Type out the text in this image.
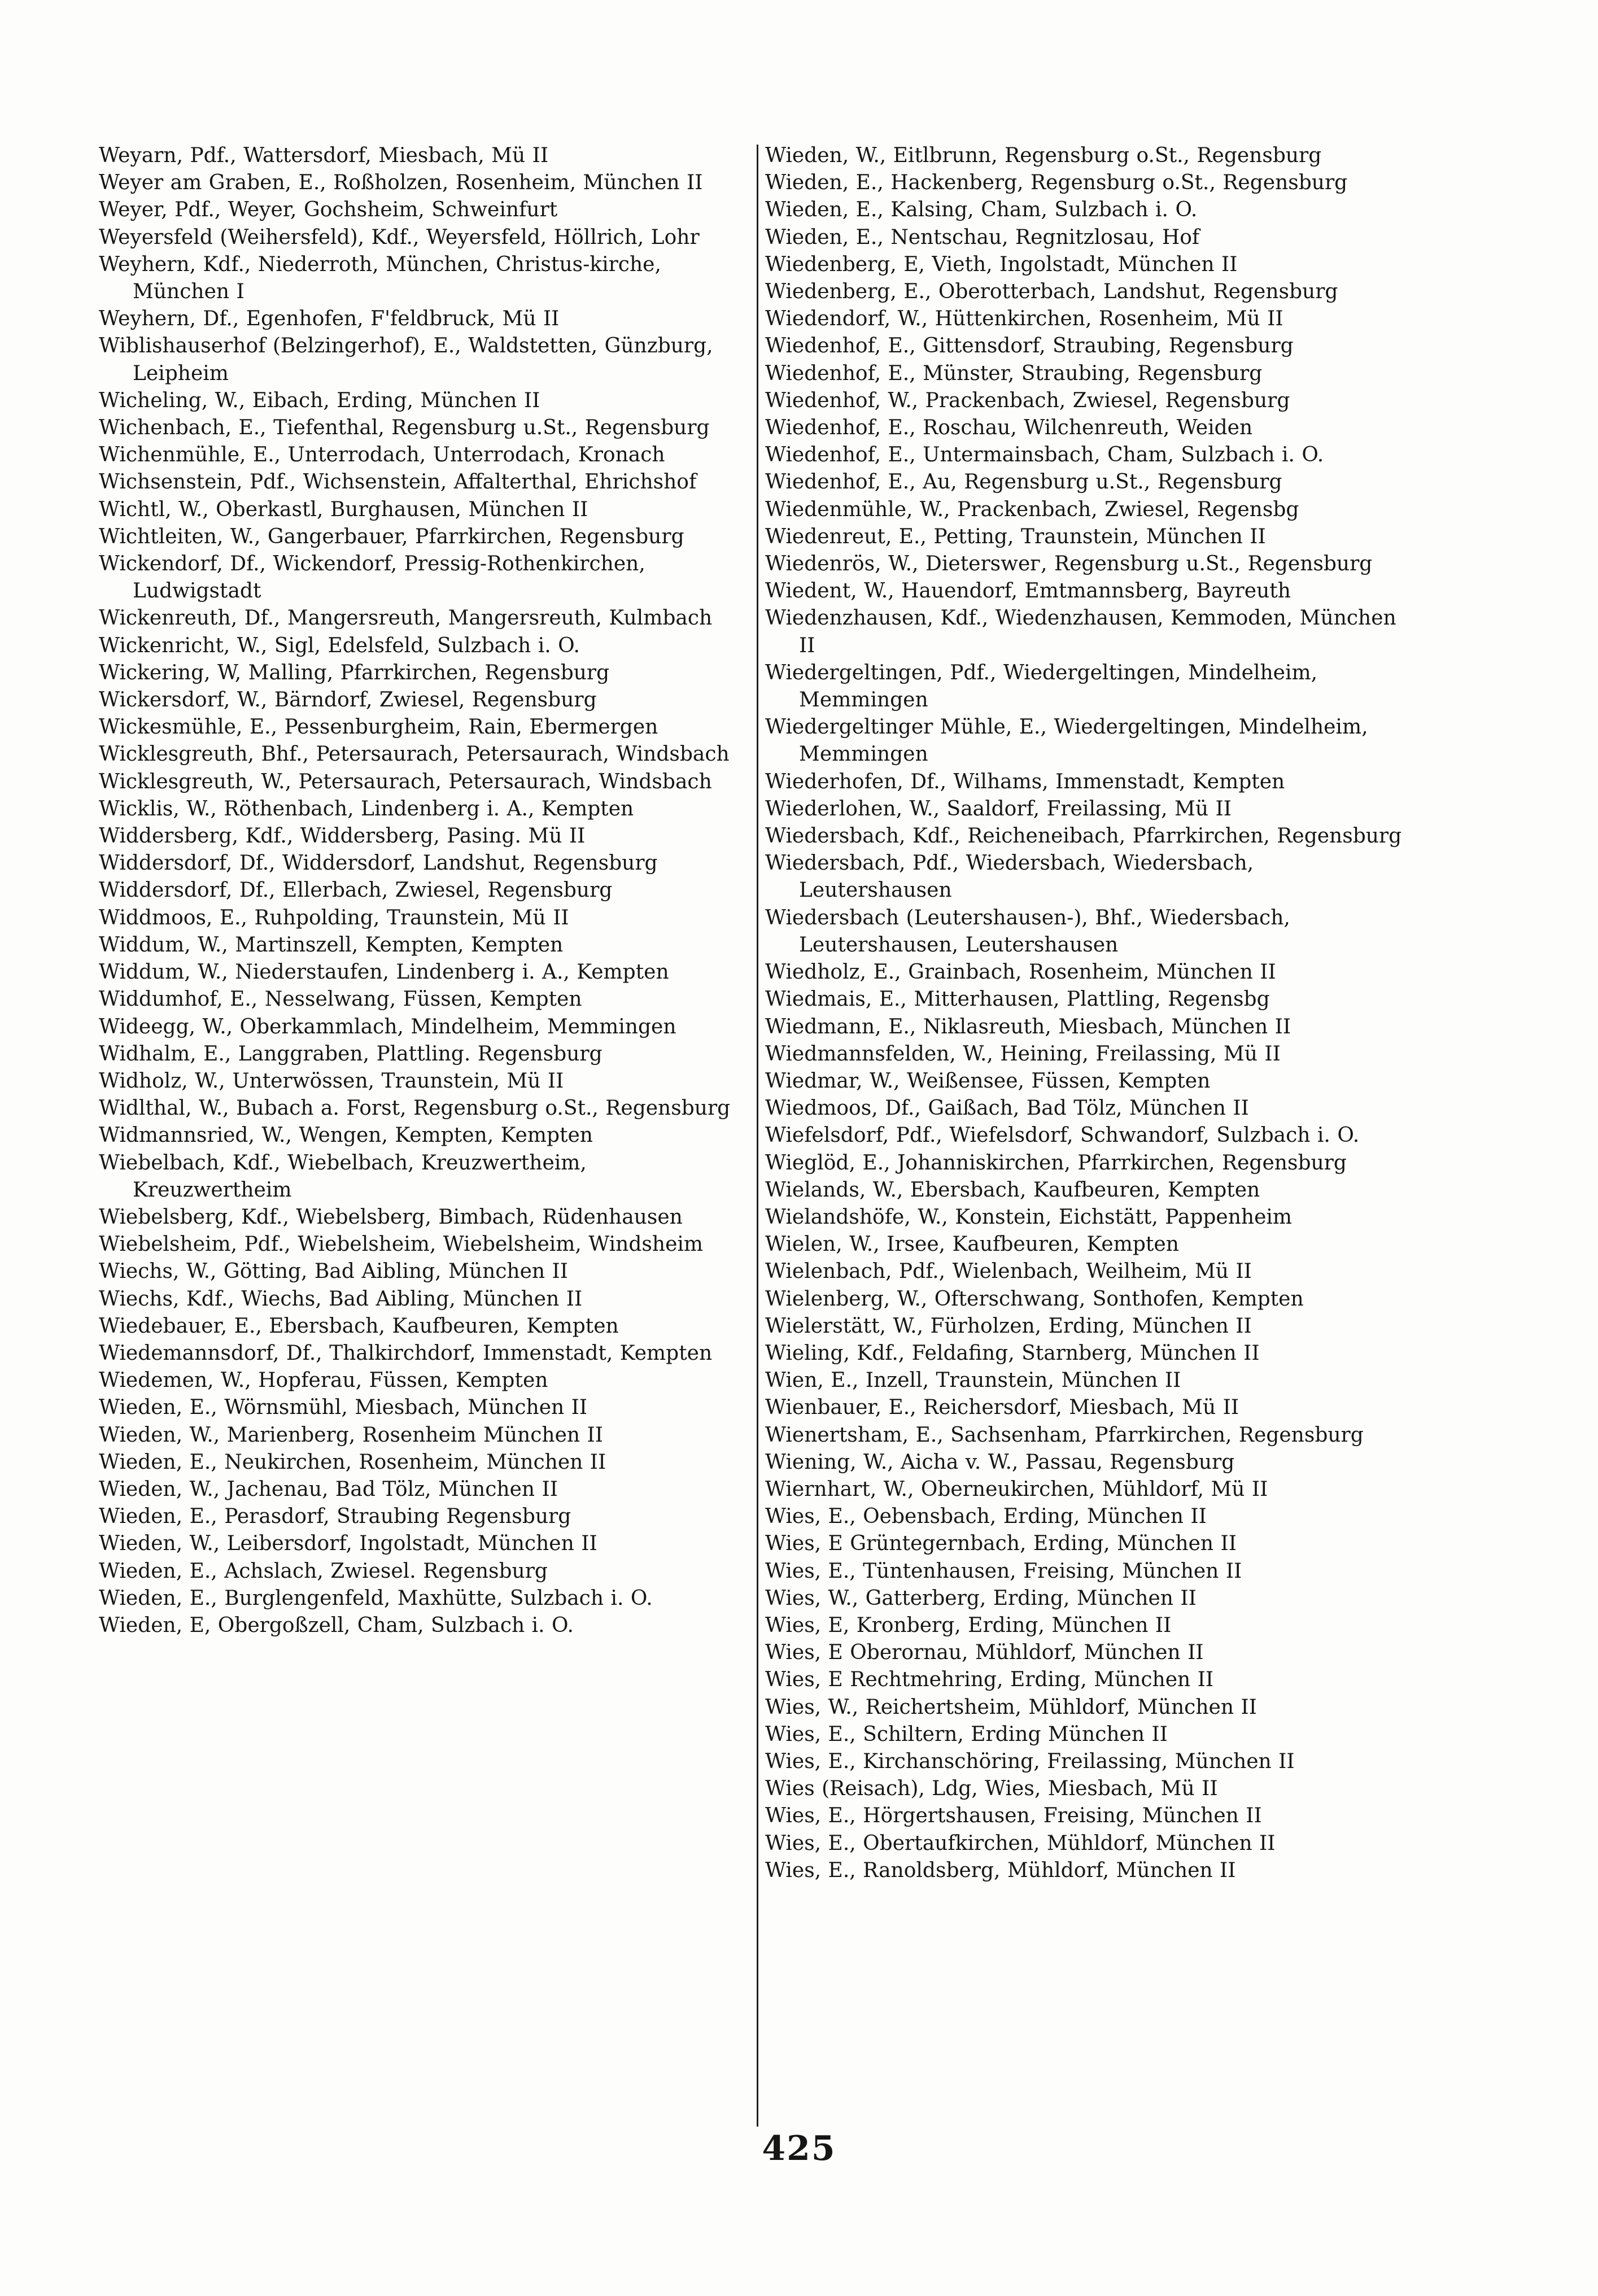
Weyarn, Pdf., Wattersdorf, Miesbach, Mü II
Weyer am Graben, E., Roßholzen, Rosenheim, München II
Weyer, Pdf., Weyer, Gochsheim, Schweinfurt
Weyersfeld (Weihersfeld), Kdf., Weyersfeld, Höllrich, Lohr
Weyhern, Kdf., Niederroth, München, Christus-kirche, München I
Weyhern, Df., Egenhofen, F'feldbruck, Mü II
Wiblishauserhof (Belzingerhof), E., Waldstetten, Günzburg, Leipheim
Wicheling, W., Eibach, Erding, München II
Wichenbach, E., Tiefenthal, Regensburg u.St., Regensburg
Wichenmühle, E., Unterrodach, Unterrodach, Kronach
Wichsenstein, Pdf., Wichsenstein, Affalterthal, Ehrichshof
Wichtl, W., Oberkastl, Burghausen, München II
Wichtleiten, W., Gangerbauer, Pfarrkirchen, Regensburg
Wickendorf, Df., Wickendorf, Pressig-Rothenkirchen, Ludwigstadt
Wickenreuth, Df., Mangersreuth, Mangersreuth, Kulmbach
Wickenricht, W., Sigl, Edelsfeld, Sulzbach i. O.
Wickering, W, Malling, Pfarrkirchen, Regensburg
Wickersdorf, W., Bärndorf, Zwiesel, Regensburg
Wickesmühle, E., Pessenburgheim, Rain, Ebermergen
Wicklesgreuth, Bhf., Petersaurach, Petersaurach, Windsbach
Wicklesgreuth, W., Petersaurach, Petersaurach, Windsbach
Wicklis, W., Röthenbach, Lindenberg i. A., Kempten
Widdersberg, Kdf., Widdersberg, Pasing. Mü II
Widdersdorf, Df., Widdersdorf, Landshut, Regensburg
Widdersdorf, Df., Ellerbach, Zwiesel, Regensburg
Widdmoos, E., Ruhpolding, Traunstein, Mü II
Widdum, W., Martinszell, Kempten, Kempten
Widdum, W., Niederstaufen, Lindenberg i. A., Kempten
Widdumhof, E., Nesselwang, Füssen, Kempten
Wideegg, W., Oberkammlach, Mindelheim, Memmingen
Widhalm, E., Langgraben, Plattling. Regensburg
Widholz, W., Unterwössen, Traunstein, Mü II
Widlthal, W., Bubach a. Forst, Regensburg o.St., Regensburg
Widmannsried, W., Wengen, Kempten, Kempten
Wiebelbach, Kdf., Wiebelbach, Kreuzwertheim, Kreuzwertheim
Wiebelsberg, Kdf., Wiebelsberg, Bimbach, Rüdenhausen
Wiebelsheim, Pdf., Wiebelsheim, Wiebelsheim, Windsheim
Wiechs, W., Götting, Bad Aibling, München II
Wiechs, Kdf., Wiechs, Bad Aibling, München II
Wiedebauer, E., Ebersbach, Kaufbeuren, Kempten
Wiedemannsdorf, Df., Thalkirchdorf, Immenstadt, Kempten
Wiedemen, W., Hopferau, Füssen, Kempten
Wieden, E., Wörnsmühl, Miesbach, München II
Wieden, W., Marienberg, Rosenheim München II
Wieden, E., Neukirchen, Rosenheim, München II
Wieden, W., Jachenau, Bad Tölz, München II
Wieden, E., Perasdorf, Straubing Regensburg
Wieden, W., Leibersdorf, Ingolstadt, München II
Wieden, E., Achslach, Zwiesel. Regensburg
Wieden, E., Burglengenfeld, Maxhütte, Sulzbach i. O.
Wieden, E, Obergoßzell, Cham, Sulzbach i. O.
Wieden, W., Eitlbrunn, Regensburg o.St., Regensburg
Wieden, E., Hackenberg, Regensburg o.St., Regensburg
Wieden, E., Kalsing, Cham, Sulzbach i. O.
Wieden, E., Nentschau, Regnitzlosau, Hof
Wiedenberg, E, Vieth, Ingolstadt, München II
Wiedenberg, E., Oberotterbach, Landshut, Regensburg
Wiedendorf, W., Hüttenkirchen, Rosenheim, Mü II
Wiedenhof, E., Gittensdorf, Straubing, Regensburg
Wiedenhof, E., Münster, Straubing, Regensburg
Wiedenhof, W., Prackenbach, Zwiesel, Regensburg
Wiedenhof, E., Roschau, Wilchenreuth, Weiden
Wiedenhof, E., Untermainsbach, Cham, Sulzbach i. O.
Wiedenhof, E., Au, Regensburg u.St., Regensburg
Wiedenmühle, W., Prackenbach, Zwiesel, Regensbg
Wiedenreut, E., Petting, Traunstein, München II
Wiedenrös, W., Dieterswег, Regensburg u.St., Regensburg
Wiedent, W., Hauendorf, Emtmannsberg, Bayreuth
Wiedenzhausen, Kdf., Wiedenzhausen, Kemmoden, München II
Wiedergeltingen, Pdf., Wiedergeltingen, Mindelheim, Memmingen
Wiedergeltinger Mühle, E., Wiedergeltingen, Mindelheim, Memmingen
Wiederhofen, Df., Wilhams, Immenstadt, Kempten
Wiederlohen, W., Saaldorf, Freilassing, Mü II
Wiedersbach, Kdf., Reicheneibach, Pfarrkirchen, Regensburg
Wiedersbach, Pdf., Wiedersbach, Wiedersbach, Leutershausen
Wiedersbach (Leutershausen-), Bhf., Wiedersbach, Leutershausen, Leutershausen
Wiedholz, E., Grainbach, Rosenheim, München II
Wiedmais, E., Mitterhausen, Plattling, Regensbg
Wiedmann, E., Niklasreuth, Miesbach, München II
Wiedmannsfelden, W., Heining, Freilassing, Mü II
Wiedmar, W., Weißensee, Füssen, Kempten
Wiedmoos, Df., Gaißach, Bad Tölz, München II
Wiefelsdorf, Pdf., Wiefelsdorf, Schwandorf, Sulzbach i. O.
Wieglöd, E., Johanniskirchen, Pfarrkirchen, Regensburg
Wielands, W., Ebersbach, Kaufbeuren, Kempten
Wielandshöfe, W., Konstein, Eichstätt, Pappenheim
Wielen, W., Irsee, Kaufbeuren, Kempten
Wielenbach, Pdf., Wielenbach, Weilheim, Mü II
Wielenberg, W., Ofterschwang, Sonthofen, Kempten
Wielerstätt, W., Fürholzen, Erding, München II
Wieling, Kdf., Feldafing, Starnberg, München II
Wien, E., Inzell, Traunstein, München II
Wienbauer, E., Reichersdorf, Miesbach, Mü II
Wienertsham, E., Sachsenham, Pfarrkirchen, Regensburg
Wiening, W., Aicha v. W., Passau, Regensburg
Wiernhart, W., Oberneukirchen, Mühldorf, Mü II
Wies, E., Oebensbach, Erding, München II
Wies, E Grüntegernbach, Erding, München II
Wies, E., Tüntenhausen, Freising, München II
Wies, W., Gatterberg, Erding, München II
Wies, E, Kronberg, Erding, München II
Wies, E Oberornau, Mühldorf, München II
Wies, E Rechtmehring, Erding, München II
Wies, W., Reichertsheim, Mühldorf, München II
Wies, E., Schiltern, Erding München II
Wies, E., Kirchanschöring, Freilassing, München II
Wies (Reisach), Ldg, Wies, Miesbach, Mü II
Wies, E., Hörgertshausen, Freising, München II
Wies, E., Obertaufkirchen, Mühldorf, München II
Wies, E., Ranoldsberg, Mühldorf, München II
425
